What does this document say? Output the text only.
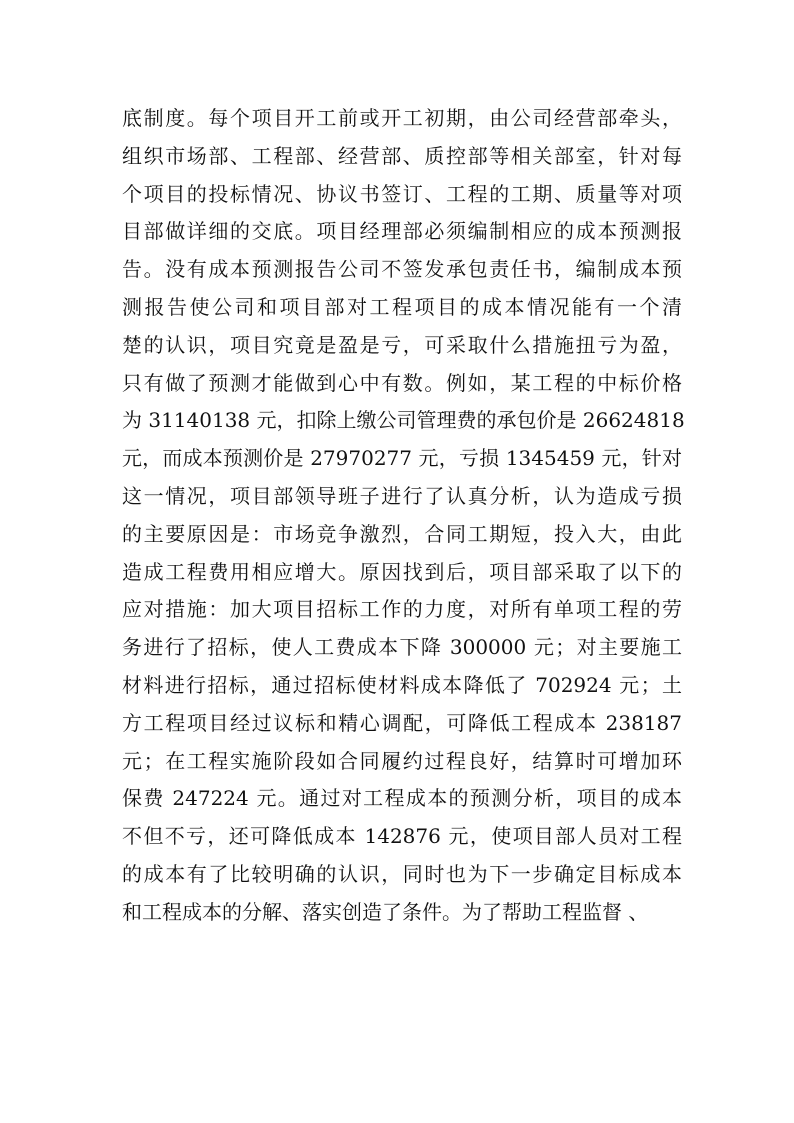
底制度。每个项目开工前或开工初期，由公司经营部牵头，
组织市场部、工程部、经营部、质控部等相关部室，针对每
个项目的投标情况、协议书签订、工程的工期、质量等对项
目部做详细的交底。项目经理部必须编制相应的成本预测报
告。没有成本预测报告公司不签发承包责任书，编制成本预
测报告使公司和项目部对工程项目的成本情况能有一个清
楚的认识，项目究竟是盈是亏，可采取什么措施扭亏为盈，
只有做了预测才能做到心中有数。例如，某工程的中标价格
为 31140138 元，扣除上缴公司管理费的承包价是 26624818
元，而成本预测价是 27970277 元，亏损 1345459 元，针对
这一情况，项目部领导班子进行了认真分析，认为造成亏损
的主要原因是：市场竞争激烈，合同工期短，投入大，由此
造成工程费用相应增大。原因找到后，项目部采取了以下的
应对措施：加大项目招标工作的力度，对所有单项工程的劳
务进行了招标，使人工费成本下降 300000 元；对主要施工
材料进行招标，通过招标使材料成本降低了 702924 元；土
方工程项目经过议标和精心调配，可降低工程成本 238187
元；在工程实施阶段如合同履约过程良好，结算时可增加环
保费 247224 元。通过对工程成本的预测分析，项目的成本
不但不亏，还可降低成本 142876 元，使项目部人员对工程
的成本有了比较明确的认识，同时也为下一步确定目标成本
和工程成本的分解、落实创造了条件。为了帮助工程监督 、
